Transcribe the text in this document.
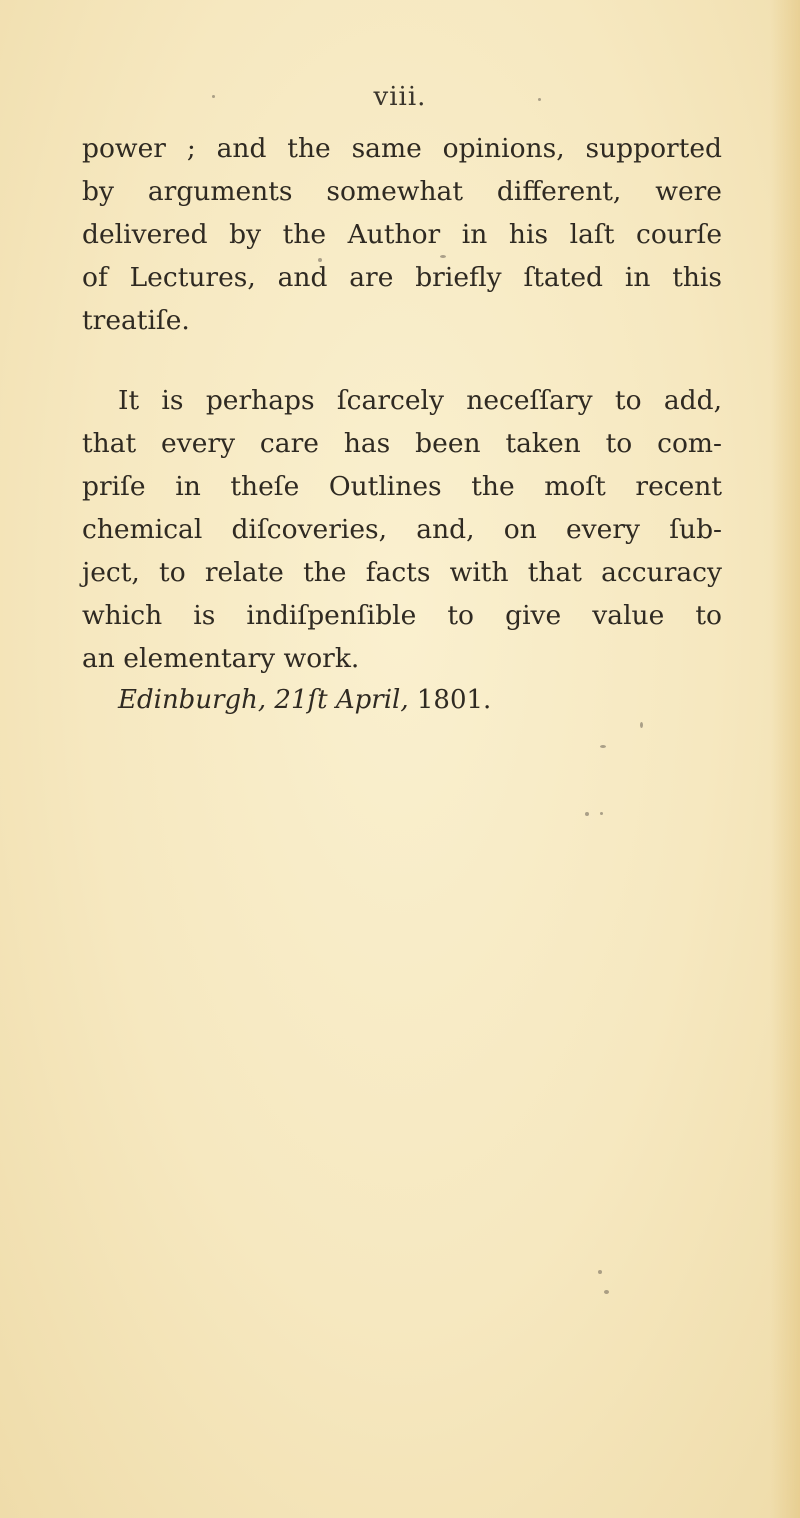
viii.
power ; and the same opinions, supported
by arguments somewhat different, were
delivered by the Author in his laſt courſe
of Lectures, and are briefly ſtated in this
treatiſe.
It is perhaps ſcarcely neceſſary to add,
that every care has been taken to com-
priſe in theſe Outlines the moſt recent
chemical diſcoveries, and, on every ſub-
ject, to relate the facts with that accuracy
which is indiſpenſible to give value to
an elementary work.
Edinburgh, 21ſt April, 1801.
